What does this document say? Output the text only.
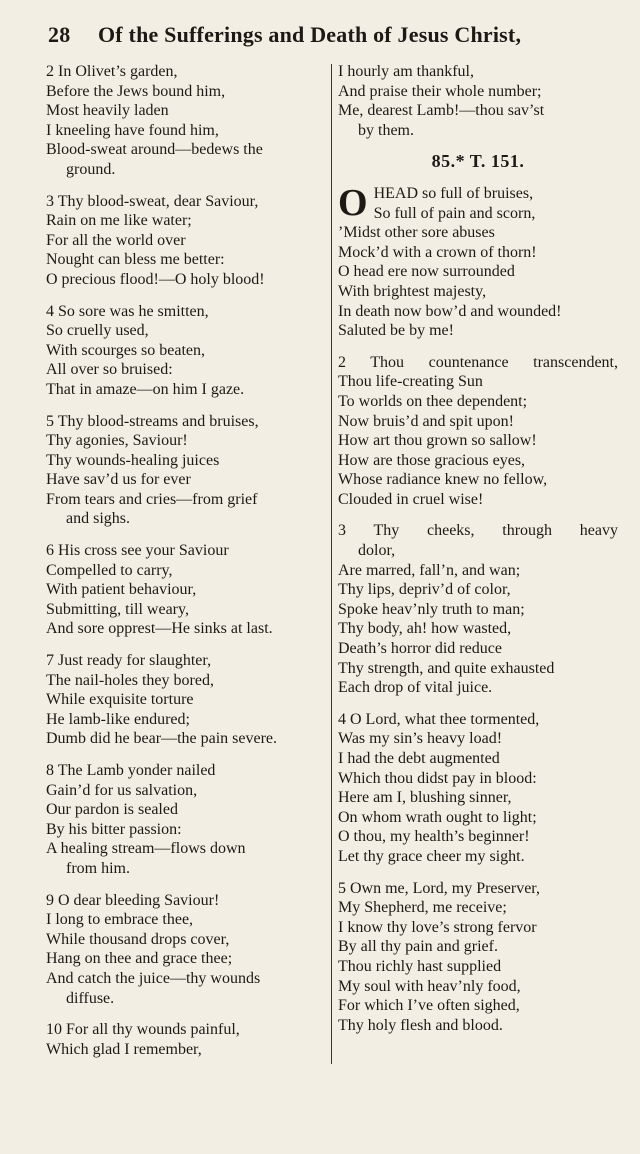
28 Of the Sufferings and Death of Jesus Christ,
2 In Olivet’s garden,
Before the Jews bound him,
Most heavily laden
I kneeling have found him,
Blood-sweat around—bedews the
ground.
3 Thy blood-sweat, dear Saviour,
Rain on me like water;
For all the world over
Nought can bless me better:
O precious flood!—O holy blood!
4 So sore was he smitten,
So cruelly used,
With scourges so beaten,
All over so bruised:
That in amaze—on him I gaze.
5 Thy blood-streams and bruises,
Thy agonies, Saviour!
Thy wounds-healing juices
Have sav’d us for ever
From tears and cries—from grief
and sighs.
6 His cross see your Saviour
Compelled to carry,
With patient behaviour,
Submitting, till weary,
And sore opprest—He sinks at last.
7 Just ready for slaughter,
The nail-holes they bored,
While exquisite torture
He lamb-like endured;
Dumb did he bear—the pain severe.
8 The Lamb yonder nailed
Gain’d for us salvation,
Our pardon is sealed
By his bitter passion:
A healing stream—flows down
from him.
9 O dear bleeding Saviour!
I long to embrace thee,
While thousand drops cover,
Hang on thee and grace thee;
And catch the juice—thy wounds
diffuse.
10 For all thy wounds painful,
Which glad I remember,
I hourly am thankful,
And praise their whole number;
Me, dearest Lamb!—thou sav’st
by them.
85.* T. 151.
O HEAD so full of bruises,
So full of pain and scorn,
’Midst other sore abuses
Mock’d with a crown of thorn!
O head ere now surrounded
With brightest majesty,
In death now bow’d and wounded!
Saluted be by me!
2 Thou countenance transcendent,
Thou life-creating Sun
To worlds on thee dependent;
Now bruis’d and spit upon!
How art thou grown so sallow!
How are those gracious eyes,
Whose radiance knew no fellow,
Clouded in cruel wise!
3 Thy cheeks, through heavy
dolor,
Are marred, fall’n, and wan;
Thy lips, depriv’d of color,
Spoke heav’nly truth to man;
Thy body, ah! how wasted,
Death’s horror did reduce
Thy strength, and quite exhausted
Each drop of vital juice.
4 O Lord, what thee tormented,
Was my sin’s heavy load!
I had the debt augmented
Which thou didst pay in blood:
Here am I, blushing sinner,
On whom wrath ought to light;
O thou, my health’s beginner!
Let thy grace cheer my sight.
5 Own me, Lord, my Preserver,
My Shepherd, me receive;
I know thy love’s strong fervor
By all thy pain and grief.
Thou richly hast supplied
My soul with heav’nly food,
For which I’ve often sighed,
Thy holy flesh and blood.
